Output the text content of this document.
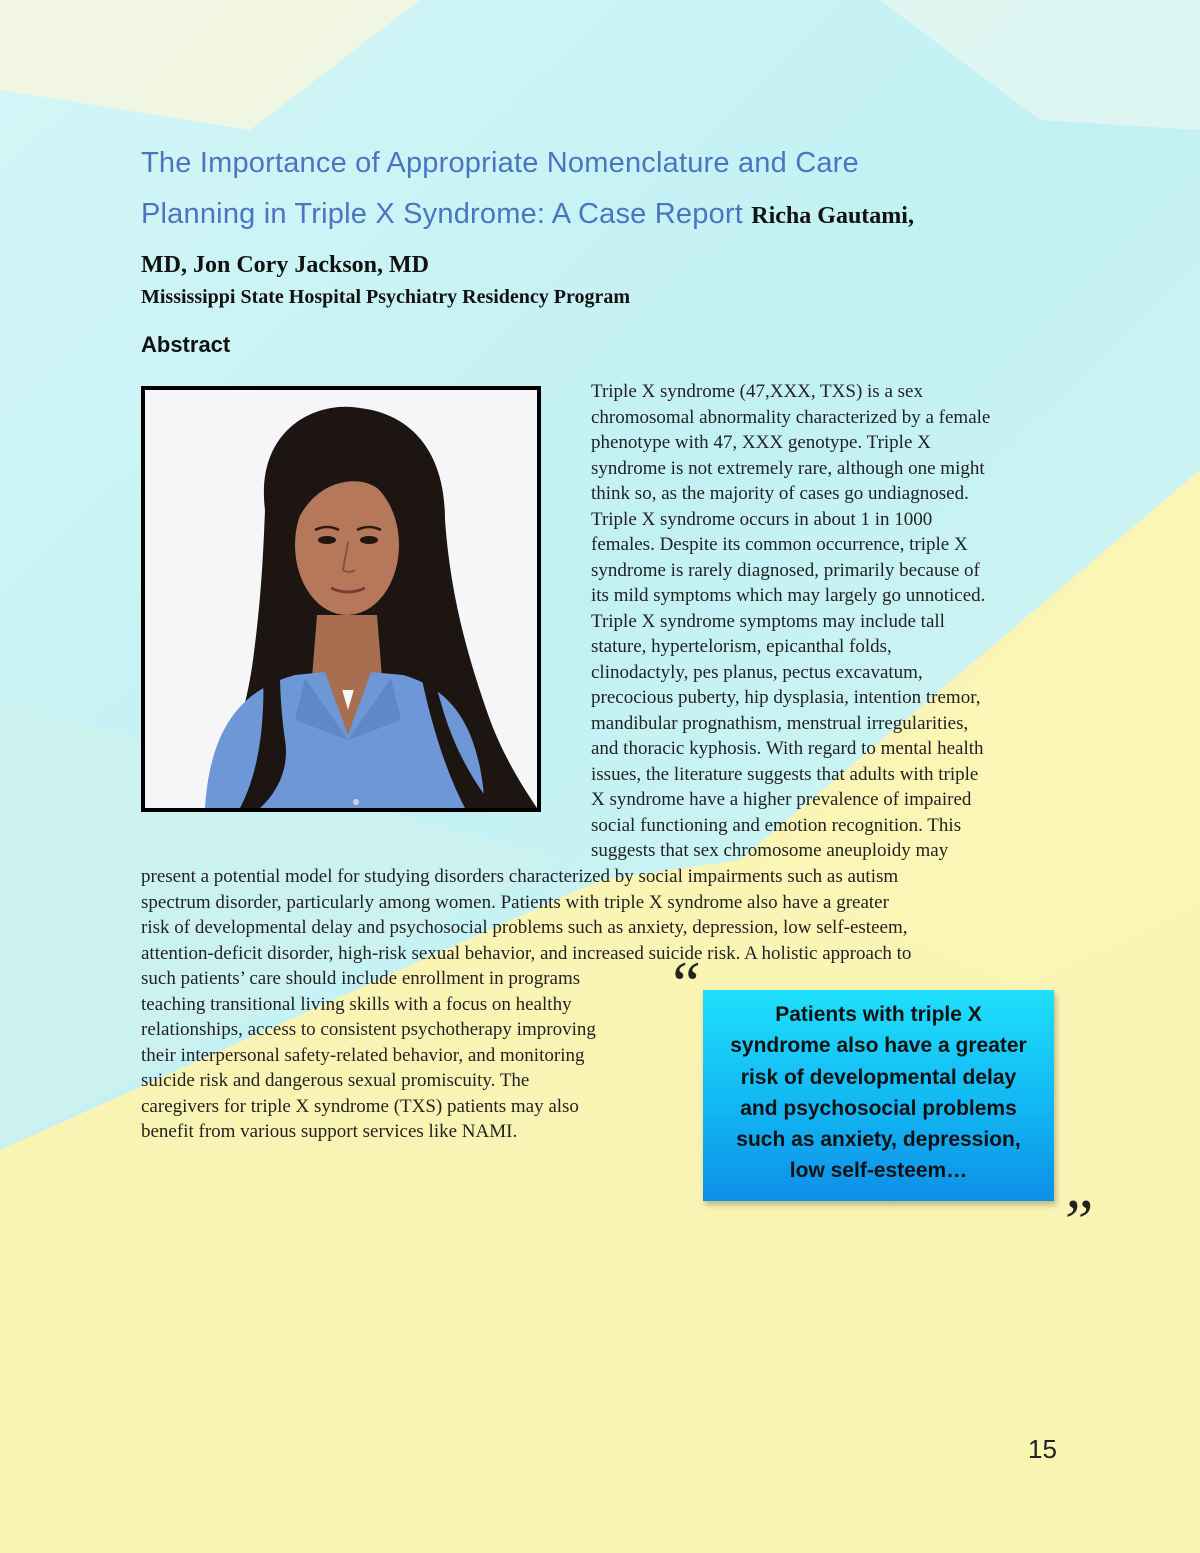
The Importance of Appropriate Nomenclature and Care
Planning in Triple X Syndrome: A Case Report Richa Gautami,
MD, Jon Cory Jackson, MD
Mississippi State Hospital Psychiatry Residency Program
Abstract
Triple X syndrome (47,XXX, TXS) is a sex
chromosomal abnormality characterized by a female
phenotype with 47, XXX genotype. Triple X
syndrome is not extremely rare, although one might
think so, as the majority of cases go undiagnosed.
Triple X syndrome occurs in about 1 in 1000
females. Despite its common occurrence, triple X
syndrome is rarely diagnosed, primarily because of
its mild symptoms which may largely go unnoticed.
Triple X syndrome symptoms may include tall
stature, hypertelorism, epicanthal folds,
clinodactyly, pes planus, pectus excavatum,
precocious puberty, hip dysplasia, intention tremor,
mandibular prognathism, menstrual irregularities,
and thoracic kyphosis. With regard to mental health
issues, the literature suggests that adults with triple
X syndrome have a higher prevalence of impaired
social functioning and emotion recognition. This
suggests that sex chromosome aneuploidy may
present a potential model for studying disorders characterized by social impairments such as autism
spectrum disorder, particularly among women. Patients with triple X syndrome also have a greater
risk of developmental delay and psychosocial problems such as anxiety, depression, low self-esteem,
attention-deficit disorder, high-risk sexual behavior, and increased suicide risk. A holistic approach to
such patients’ care should include enrollment in programs
teaching transitional living skills with a focus on healthy
relationships, access to consistent psychotherapy improving
their interpersonal safety-related behavior, and monitoring
suicide risk and dangerous sexual promiscuity. The
caregivers for triple X syndrome (TXS) patients may also
benefit from various support services like NAMI.
“	Patients with triple X
syndrome also have a greater
risk of developmental delay
and psychosocial problems
such as anxiety, depression,
low self-esteem…
”
15
